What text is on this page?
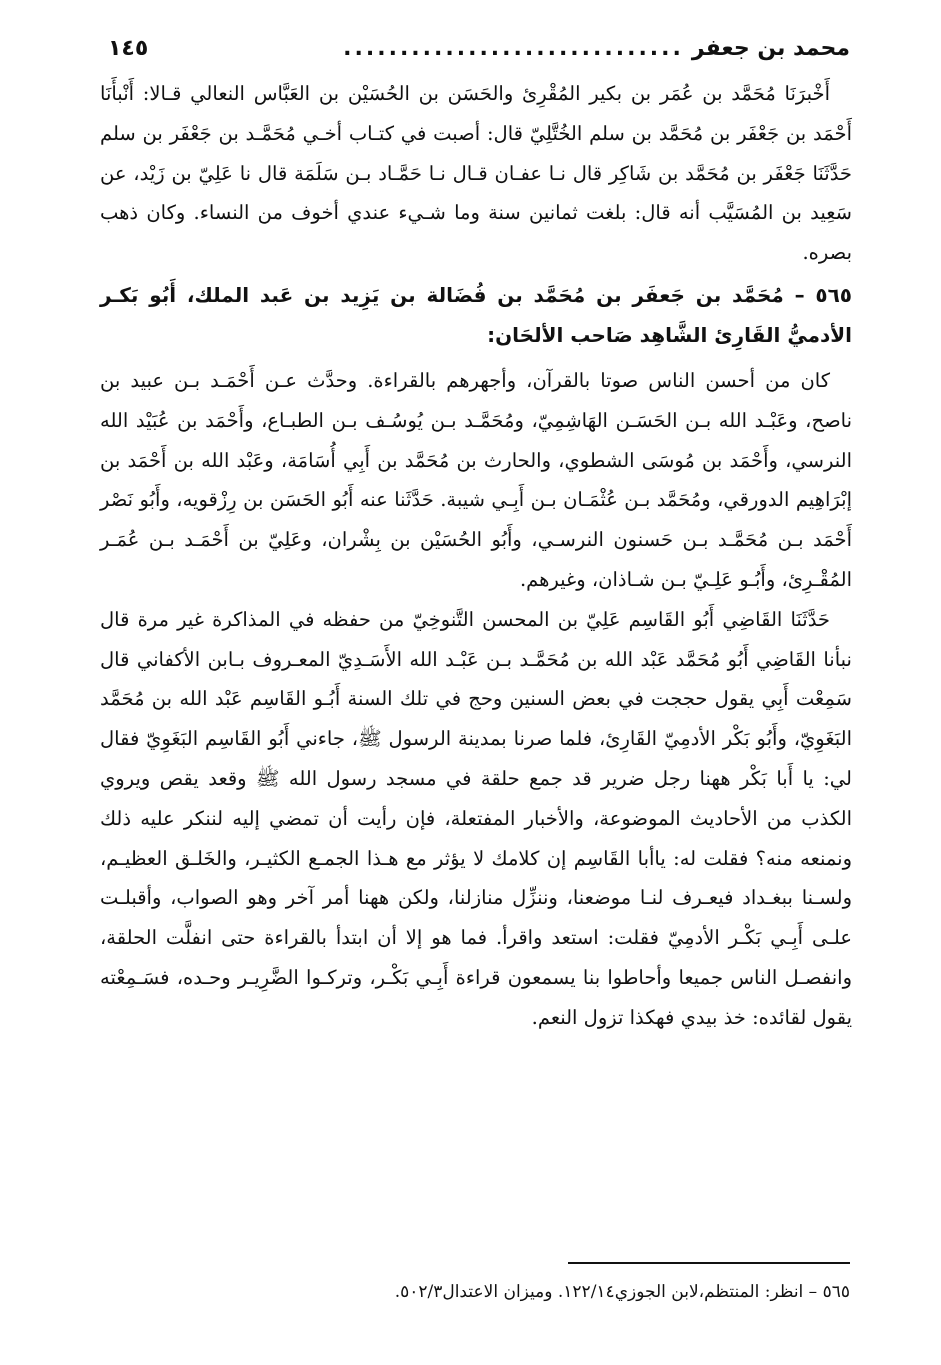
محمد بن جعفر
..............................
١٤٥

أَخْبرَنَا مُحَمَّد بن عُمَر بن بكير المُقْرِئ والحَسَن بن الحُسَيْن بن العَبَّاس النعالي قـالا: أَنْبأَنَا أَحْمَد بن جَعْفَر بن مُحَمَّد بن سلم الخُتَّلِيّ قال: أصبت في كتـاب أخـي مُحَمَّـد بن جَعْفَر بن سلم حَدَّثَنَا جَعْفَر بن مُحَمَّد بن شَاكِر قال نـا عفـان قـال نـا حَمَّـاد بـن سَلَمَة قال نا عَلِيّ بن زَيْد، عن سَعِيد بن المُسَيَّب أنه قال: بلغت ثمانين سنة وما شـيء عندي أخوف من النساء. وكان ذهب بصره.

٥٦٥ – مُحَمَّد بن جَعفَر بن مُحَمَّد بن فُضَالة بن يَزِيد بن عَبد الملك، أَبُو بَكـر الأدميُّ القَارِئ الشَّاهِد صَاحب الألحَان:

كان من أحسن الناس صوتا بالقرآن، وأجهرهم بالقراءة. وحدَّث عـن أَحْمَـد بـن عبيد بن ناصح، وعَبْـد الله بـن الحَسَـن الهَاشِمِيّ، ومُحَمَّـد بـن يُوسُـف بـن الطبـاع، وأَحْمَد بن عُبَيْد الله النرسي، وأَحْمَد بن مُوسَى الشطوي، والحارث بن مُحَمَّد بن أَبِي أُسَامَة، وعَبْد الله بن أَحْمَد بن إبْرَاهِيم الدورقي، ومُحَمَّد بـن عُثْمَـان بـن أَبِـي شيبة. حَدَّثَنا عنه أَبُو الحَسَن بن رِزْقويه، وأَبُو نَصْر أَحْمَد بـن مُحَمَّـد بـن حَسنون النرسـي، وأَبُو الحُسَيْن بن بِشْران، وعَلِيّ بن أَحْمَـد بـن عُمَـر المُقْـرِئ، وأَبُـو عَلِـيّ بـن شـاذان، وغيرهم.

حَدَّثَنَا القَاضِي أَبُو القَاسِم عَلِيّ بن المحسن التَّنوخِيّ من حفظه في المذاكرة غير مرة قال نبأنا القَاضِي أَبُو مُحَمَّد عَبْد الله بن مُحَمَّـد بـن عَبْـد الله الأَسَـدِيّ المعـروف بـابن الأكفاني قال سَمِعْت أَبِي يقول حججت في بعض السنين وحج في تلك السنة أَبُـو القَاسِم عَبْد الله بن مُحَمَّد البَغَوِيّ، وأَبُو بَكْر الأدمِيّ القَارِئ، فلما صرنا بمدينة الرسول ﷺ، جاءني أَبُو القَاسِم البَغَوِيّ فقال لي: يا أَبا بَكْر ههنا رجل ضرير قد جمع حلقة في مسجد رسول الله ﷺ وقعد يقص ويروي الكذب من الأحاديث الموضوعة، والأخبار المفتعلة، فإن رأيت أن تمضي إليه لننكر عليه ذلك ونمنعه منه؟ فقلت له: ياأبا القَاسِم إن كلامك لا يؤثر مع هـذا الجمـع الكثيـر، والخَلـق العظيـم، ولسـنا ببغـداد فيعـرف لنـا موضعنا، وننزِّل منازلنا، ولكن ههنا أمر آخر وهو الصواب، وأقبلـت علـى أَبِـي بَكْـر الأدمِيّ فقلت: استعد واقرأ. فما هو إلا أن ابتدأ بالقراءة حتى انفلَّت الحلقة، وانفصـل الناس جميعا وأحاطوا بنا يسمعون قراءة أَبِـي بَكْـر، وتركـوا الضَّرِيـر وحـده، فسَـمِعْته يقول لقائده: خذ بيدي فهكذا تزول النعم.

٥٦٥ – انظر: المنتظم،لابن الجوزي١٢٢/١٤. وميزان الاعتدال٥٠٢/٣.
